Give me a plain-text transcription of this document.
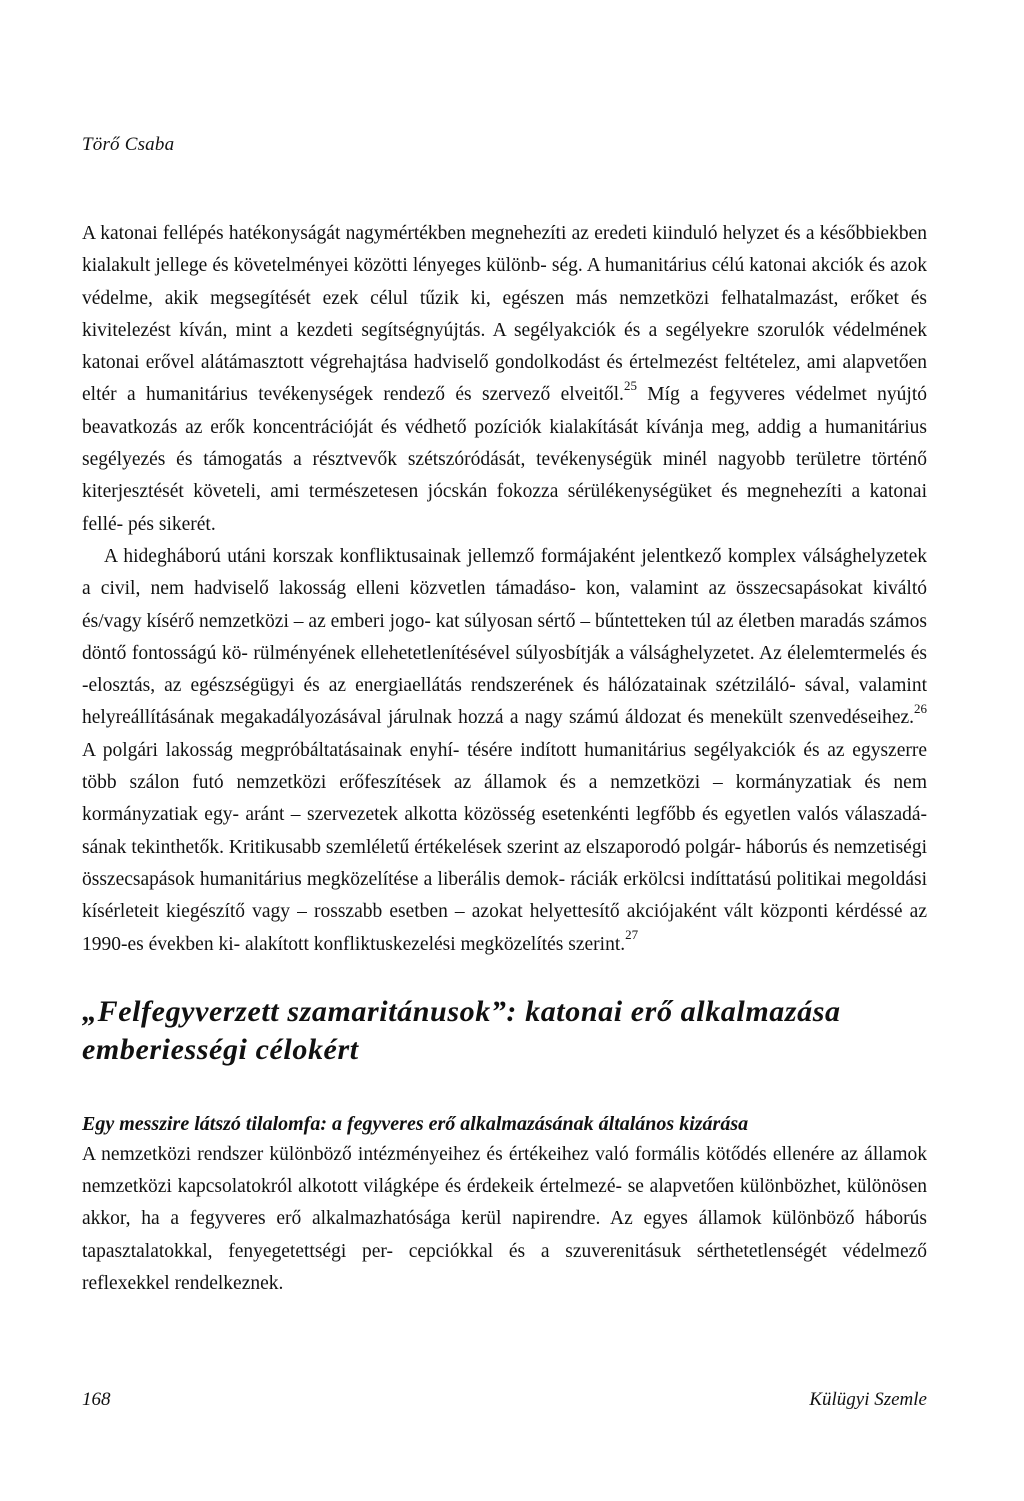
Törő Csaba

A katonai fellépés hatékonyságát nagymértékben megnehezíti az eredeti kiinduló helyzet és a későbbiekben kialakult jellege és követelményei közötti lényeges különb- ség. A humanitárius célú katonai akciók és azok védelme, akik megsegítését ezek célul tűzik ki, egészen más nemzetközi felhatalmazást, erőket és kivitelezést kíván, mint a kezdeti segítségnyújtás. A segélyakciók és a segélyekre szorulók védelmének katonai erővel alátámasztott végrehajtása hadviselő gondolkodást és értelmezést feltételez, ami alapvetően eltér a humanitárius tevékenységek rendező és szervező elveitől.$^{25}$ Míg a fegyveres védelmet nyújtó beavatkozás az erők koncentrációját és védhető pozíciók kialakítását kívánja meg, addig a humanitárius segélyezés és támogatás a résztvevők szétszóródását, tevékenységük minél nagyobb területre történő kiterjesztését követeli, ami természetesen jócskán fokozza sérülékenységüket és megnehezíti a katonai fellé- pés sikerét.

A hidegháború utáni korszak konfliktusainak jellemző formájaként jelentkező komplex válsághelyzetek a civil, nem hadviselő lakosság elleni közvetlen támadáso- kon, valamint az összecsapásokat kiváltó és/vagy kísérő nemzetközi – az emberi jogo- kat súlyosan sértő – bűntetteken túl az életben maradás számos döntő fontosságú kö- rülményének ellehetetlenítésével súlyosbítják a válsághelyzetet. Az élelemtermelés és -elosztás, az egészségügyi és az energiaellátás rendszerének és hálózatainak szétziláló- sával, valamint helyreállításának megakadályozásával járulnak hozzá a nagy számú áldozat és menekült szenvedéseihez.$^{26}$ A polgári lakosság megpróbáltatásainak enyhí- tésére indított humanitárius segélyakciók és az egyszerre több szálon futó nemzetközi erőfeszítések az államok és a nemzetközi – kormányzatiak és nem kormányzatiak egy- aránt – szervezetek alkotta közösség esetenkénti legfőbb és egyetlen valós válaszadá- sának tekinthetők. Kritikusabb szemléletű értékelések szerint az elszaporodó polgár- háborús és nemzetiségi összecsapások humanitárius megközelítése a liberális demok- ráciák erkölcsi indíttatású politikai megoldási kísérleteit kiegészítő vagy – rosszabb esetben – azokat helyettesítő akciójaként vált központi kérdéssé az 1990-es években ki- alakított konfliktuskezelési megközelítés szerint.$^{27}$

„Felfegyverzett szamaritánusok”: katonai erő alkalmazása emberiességi célokért
Egy messzire látszó tilalomfa: a fegyveres erő alkalmazásának általános kizárása

A nemzetközi rendszer különböző intézményeihez és értékeihez való formális kötődés ellenére az államok nemzetközi kapcsolatokról alkotott világképe és érdekeik értelmezé- se alapvetően különbözhet, különösen akkor, ha a fegyveres erő alkalmazhatósága kerül napirendre. Az egyes államok különböző háborús tapasztalatokkal, fenyegetettségi per- cepciókkal és a szuverenitásuk sérthetetlenségét védelmező reflexekkel rendelkeznek.

168	Külügyi Szemle
